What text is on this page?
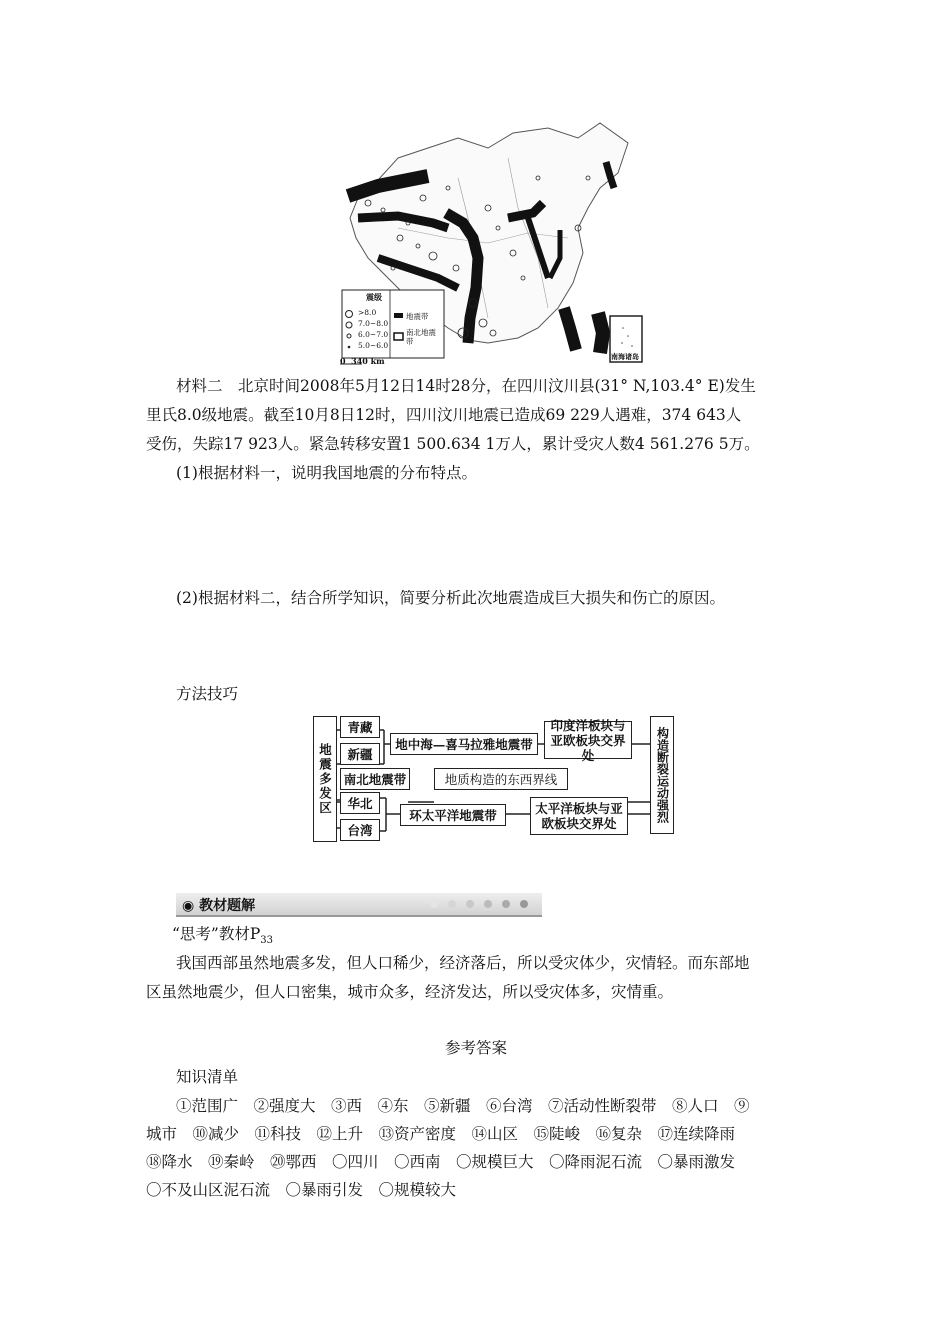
震级
>8.0
7.0~8.0
6.0~7.0
5.0~6.0
地震带
南北地震带
0  340 km	南海诸岛
材料二　北京时间2008年5月12日14时28分，在四川汶川县(31° N,103.4° E)发生
里氏8.0级地震。截至10月8日12时，四川汶川地震已造成69 229人遇难，374 643人
受伤，失踪17 923人。紧急转移安置1 500.634 1万人，累计受灾人数4 561.276 5万。
(1)根据材料一，说明我国地震的分布特点。
(2)根据材料二，结合所学知识，简要分析此次地震造成巨大损失和伤亡的原因。
方法技巧
地震多发区
青藏
新疆
地中海—喜马拉雅地震带
印度洋板块与亚欧板块交界处
南北地震带	地质构造的东西界线
华北
台湾
环太平洋地震带	太平洋板块与亚欧板块交界处
构造断裂运动强烈
◉ 教材题解
“思考”教材$P_{33}$
我国西部虽然地震多发，但人口稀少，经济落后，所以受灾体少，灾情轻。而东部地
区虽然地震少，但人口密集，城市众多，经济发达，所以受灾体多，灾情重。
参考答案
知识清单
①范围广　②强度大　③西　④东　⑤新疆　⑥台湾　⑦活动性断裂带　⑧人口　⑨
城市　⑩减少　⑪科技　⑫上升　⑬资产密度　⑭山区　⑮陡峻　⑯复杂　⑰连续降雨
⑱降水　⑲秦岭　⑳鄂西　〇四川　〇西南　〇规模巨大　〇降雨泥石流　〇暴雨激发
〇不及山区泥石流　〇暴雨引发　〇规模较大
